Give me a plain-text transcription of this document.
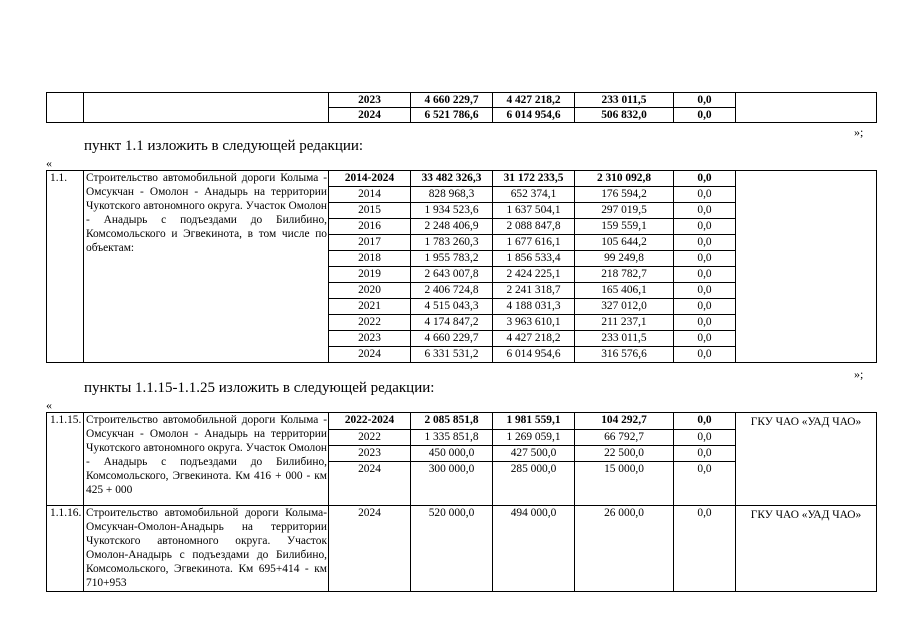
		2023	4 660 229,7	4 427 218,2	233 011,5	0,0	
		2024	6 521 786,6	6 014 954,6	506 832,0	0,0	
»;
пункт 1.1 изложить в следующей редакции:
«
1.1.	Строительство автомобильной дороги Колыма - Омсукчан - Омолон - Анадырь на территории Чукотского автономного округа. Участок Омолон - Анадырь с подъездами до Билибино, Комсомольского и Эгвекинота, в том числе по объектам:	2014-2024	33 482 326,3	31 172 233,5	2 310 092,8	0,0	
		2014	828 968,3	652 374,1	176 594,2	0,0	
		2015	1 934 523,6	1 637 504,1	297 019,5	0,0	
		2016	2 248 406,9	2 088 847,8	159 559,1	0,0	
		2017	1 783 260,3	1 677 616,1	105 644,2	0,0	
		2018	1 955 783,2	1 856 533,4	99 249,8	0,0	
		2019	2 643 007,8	2 424 225,1	218 782,7	0,0	
		2020	2 406 724,8	2 241 318,7	165 406,1	0,0	
		2021	4 515 043,3	4 188 031,3	327 012,0	0,0	
		2022	4 174 847,2	3 963 610,1	211 237,1	0,0	
		2023	4 660 229,7	4 427 218,2	233 011,5	0,0	
		2024	6 331 531,2	6 014 954,6	316 576,6	0,0	
»;
пункты 1.1.15-1.1.25 изложить в следующей редакции:
«
1.1.15.	Строительство автомобильной дороги Колыма - Омсукчан - Омолон - Анадырь на территории Чукотского автономного округа. Участок Омолон - Анадырь с подъездами до Билибино, Комсомольского, Эгвекинота. Км 416 + 000 - км 425 + 000	2022-2024	2 085 851,8	1 981 559,1	104 292,7	0,0	ГКУ ЧАО «УАД ЧАО»
		2022	1 335 851,8	1 269 059,1	66 792,7	0,0	
		2023	450 000,0	427 500,0	22 500,0	0,0	
		2024	300 000,0	285 000,0	15 000,0	0,0	
1.1.16.	Строительство автомобильной дороги Колыма-Омсукчан-Омолон-Анадырь на территории Чукотского автономного округа. Участок Омолон-Анадырь с подъездами до Билибино, Комсомольского, Эгвекинота. Км 695+414 - км 710+953	2024	520 000,0	494 000,0	26 000,0	0,0	ГКУ ЧАО «УАД ЧАО»
